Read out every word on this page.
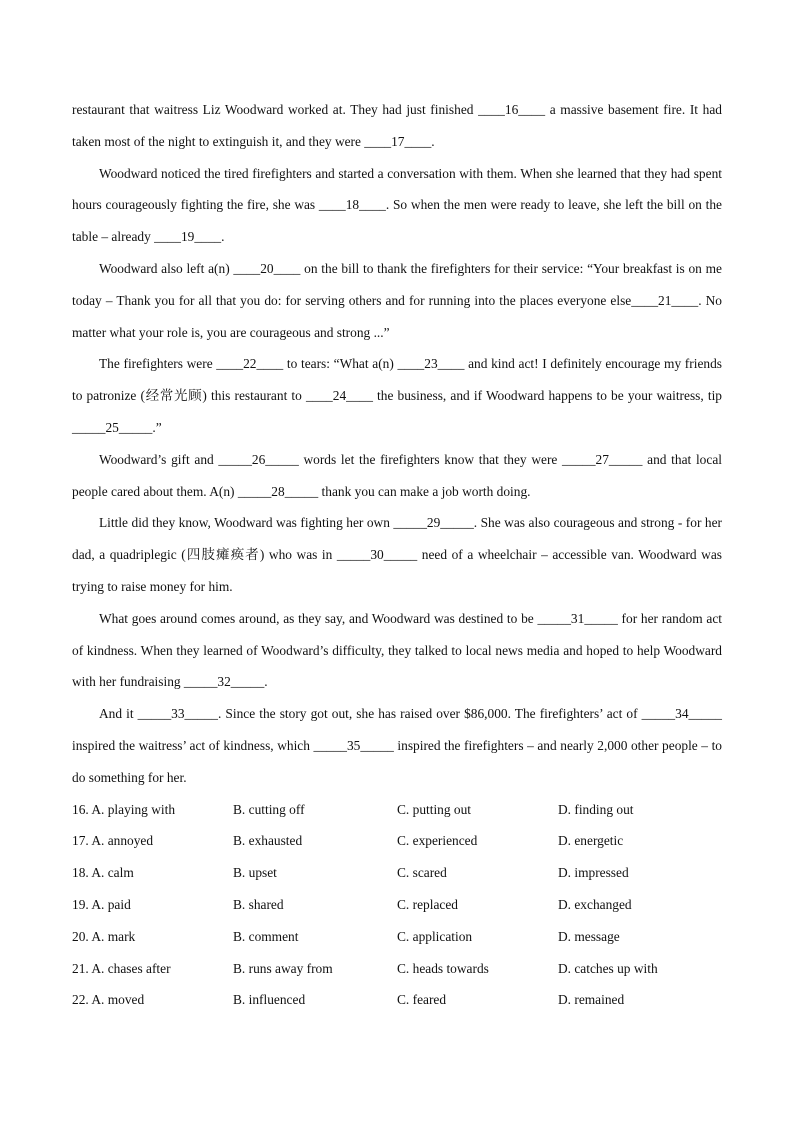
restaurant that waitress Liz Woodward worked at. They had just finished ____16____ a massive basement fire. It had taken most of the night to extinguish it, and they were ____17____.

Woodward noticed the tired firefighters and started a conversation with them. When she learned that they had spent hours courageously fighting the fire, she was ____18____. So when the men were ready to leave, she left the bill on the table – already ____19____.

Woodward also left a(n) ____20____ on the bill to thank the firefighters for their service: “Your breakfast is on me today – Thank you for all that you do: for serving others and for running into the places everyone else____21____. No matter what your role is, you are courageous and strong ...”

The firefighters were ____22____ to tears: “What a(n) ____23____ and kind act! I definitely encourage my friends to patronize (经常光顾) this restaurant to ____24____ the business, and if Woodward happens to be your waitress, tip _____25_____.”

Woodward’s gift and _____26_____ words let the firefighters know that they were _____27_____ and that local people cared about them. A(n) _____28_____ thank you can make a job worth doing.

Little did they know, Woodward was fighting her own _____29_____. She was also courageous and strong - for her dad, a quadriplegic (四肢瘫痪者) who was in _____30_____ need of a wheelchair – accessible van. Woodward was trying to raise money for him.

What goes around comes around, as they say, and Woodward was destined to be _____31_____ for her random act of kindness. When they learned of Woodward’s difficulty, they talked to local news media and hoped to help Woodward with her fundraising _____32_____.

And it _____33_____. Since the story got out, she has raised over $86,000. The firefighters’ act of _____34_____ inspired the waitress’ act of kindness, which _____35_____ inspired the firefighters – and nearly 2,000 other people – to do something for her.

16. A. playing with	B. cutting off	C. putting out	D. finding out
17. A. annoyed	B. exhausted	C. experienced	D. energetic
18. A. calm	B. upset	C. scared	D. impressed
19. A. paid	B. shared	C. replaced	D. exchanged
20. A. mark	B. comment	C. application	D. message
21. A. chases after	B. runs away from	C. heads towards	D. catches up with
22. A. moved	B. influenced	C. feared	D. remained
